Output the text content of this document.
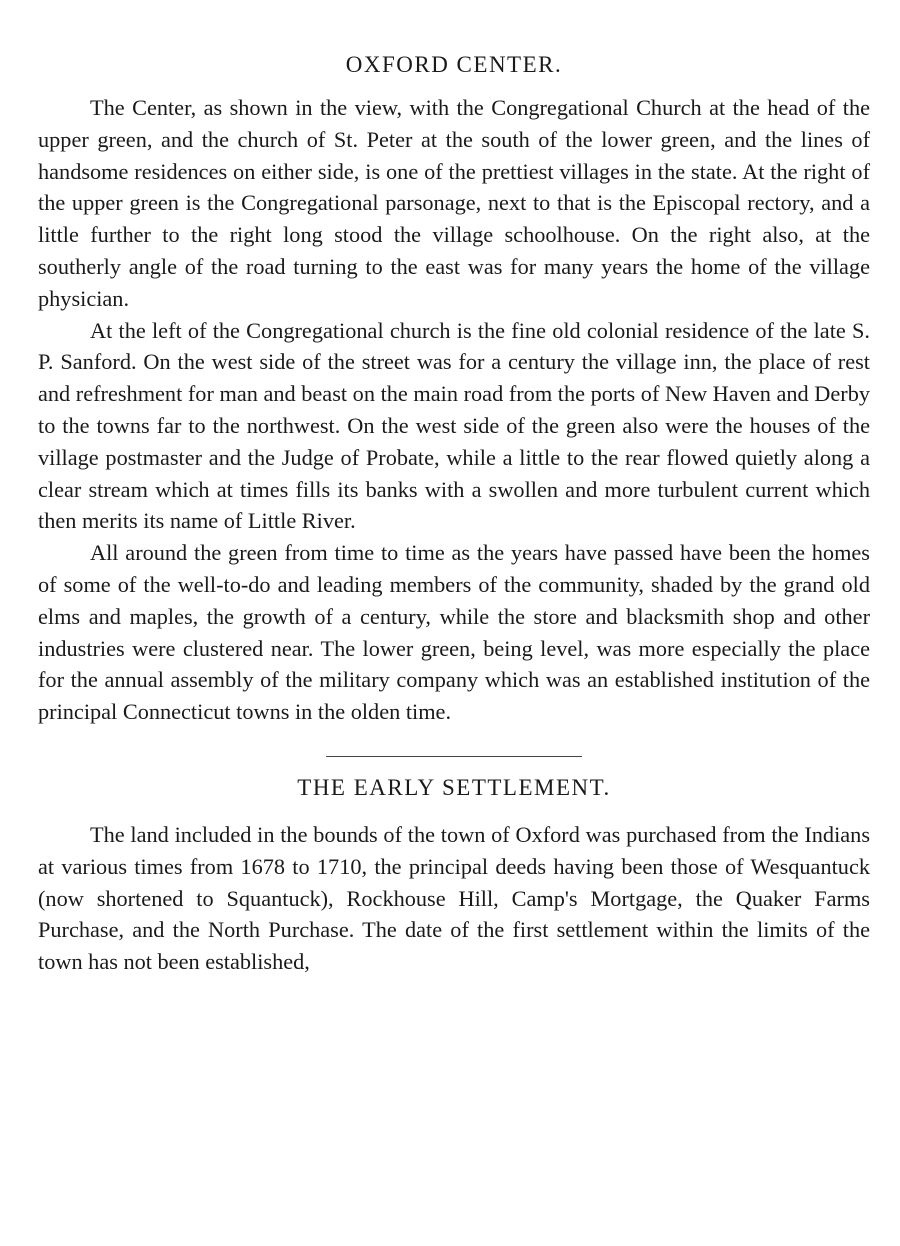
OXFORD CENTER.

The Center, as shown in the view, with the Congregational Church at the head of the upper green, and the church of St. Peter at the south of the lower green, and the lines of handsome residences on either side, is one of the prettiest villages in the state. At the right of the upper green is the Congregational parsonage, next to that is the Episcopal rectory, and a little further to the right long stood the village schoolhouse. On the right also, at the southerly angle of the road turning to the east was for many years the home of the village physician.

At the left of the Congregational church is the fine old colonial residence of the late S. P. Sanford. On the west side of the street was for a century the village inn, the place of rest and refreshment for man and beast on the main road from the ports of New Haven and Derby to the towns far to the northwest. On the west side of the green also were the houses of the village postmaster and the Judge of Probate, while a little to the rear flowed quietly along a clear stream which at times fills its banks with a swollen and more turbulent current which then merits its name of Little River.

All around the green from time to time as the years have passed have been the homes of some of the well-to-do and leading members of the community, shaded by the grand old elms and maples, the growth of a century, while the store and blacksmith shop and other industries were clustered near. The lower green, being level, was more especially the place for the annual assembly of the military company which was an established institution of the principal Connecticut towns in the olden time.

THE EARLY SETTLEMENT.

The land included in the bounds of the town of Oxford was purchased from the Indians at various times from 1678 to 1710, the principal deeds having been those of Wesquantuck (now shortened to Squantuck), Rockhouse Hill, Camp's Mortgage, the Quaker Farms Purchase, and the North Purchase. The date of the first settlement within the limits of the town has not been established,
